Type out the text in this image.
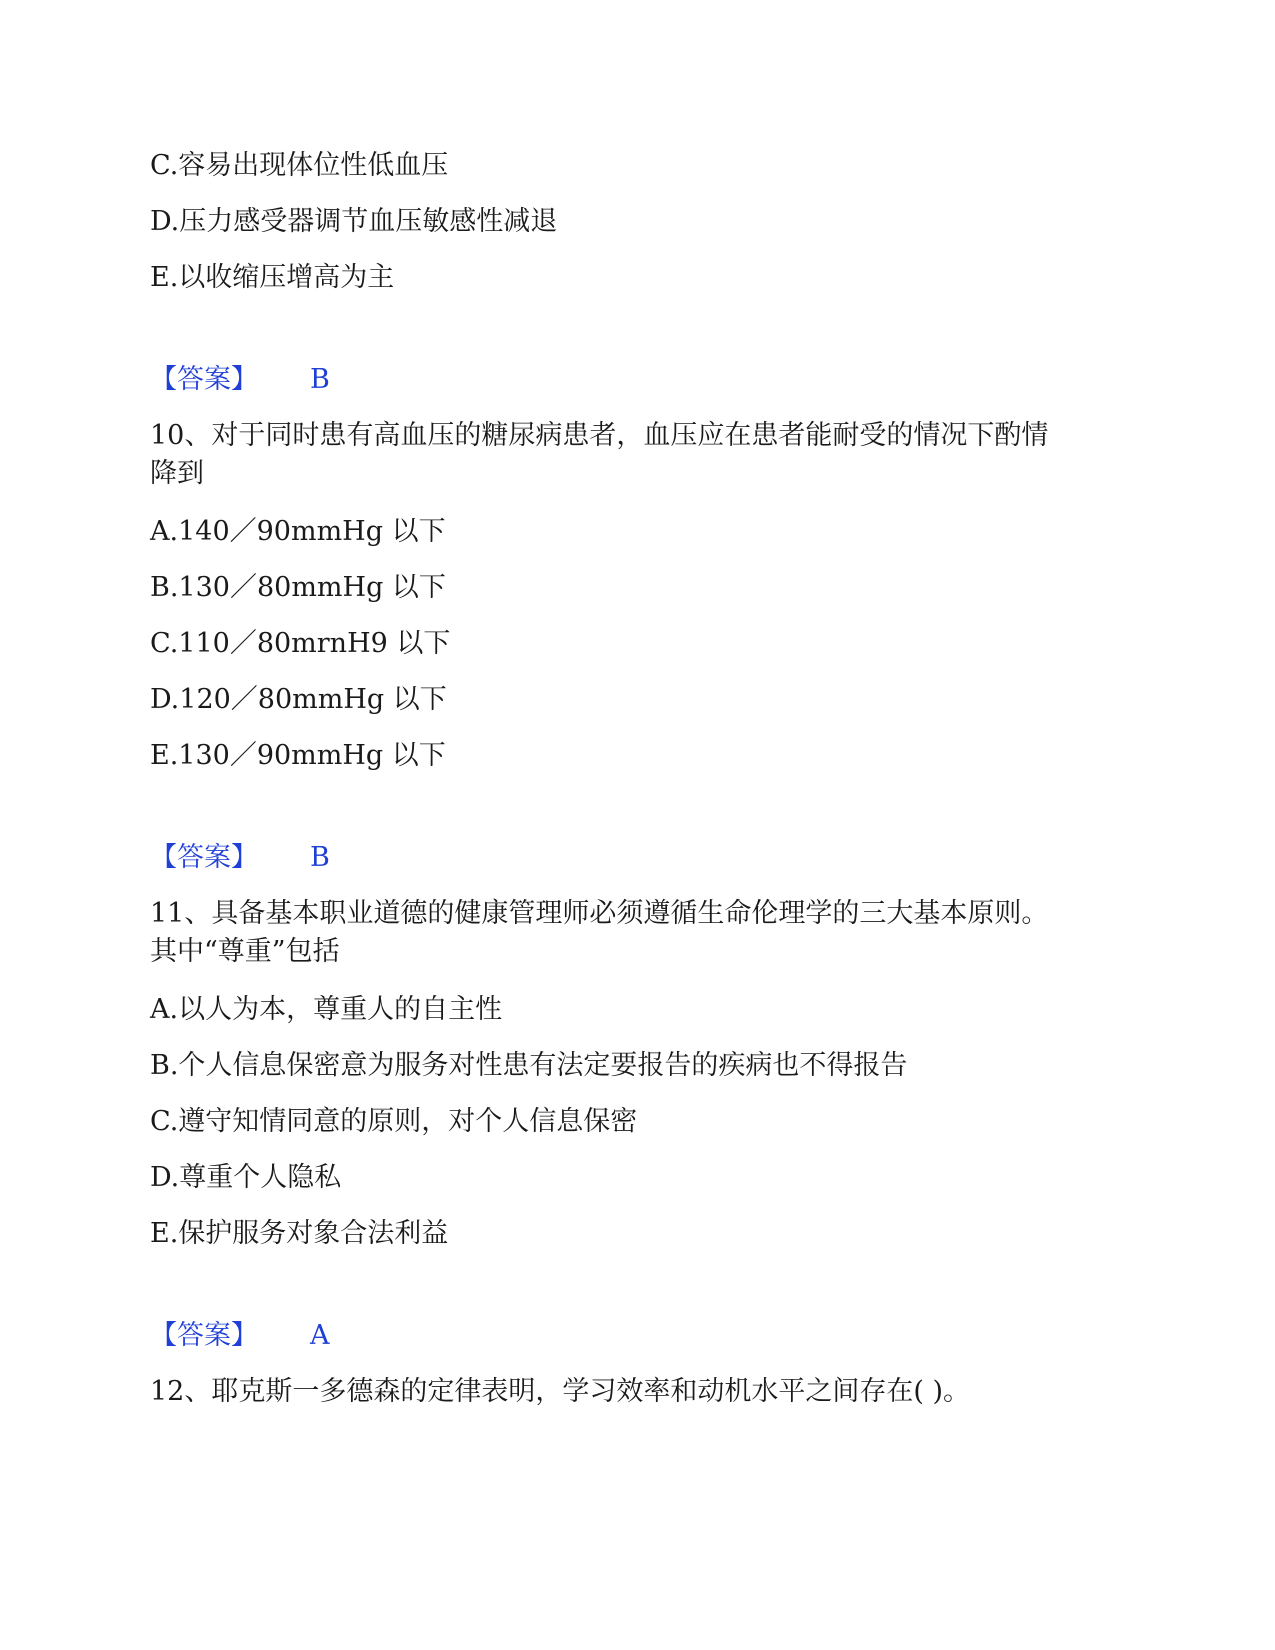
C.容易出现体位性低血压
D.压力感受器调节血压敏感性减退
E.以收缩压增高为主
【答案】 B
10、对于同时患有高血压的糖尿病患者，血压应在患者能耐受的情况下酌情
降到
A.140／90mmHg 以下
B.130／80mmHg 以下
C.110／80mrnH9 以下
D.120／80mmHg 以下
E.130／90mmHg 以下
【答案】 B
11、具备基本职业道德的健康管理师必须遵循生命伦理学的三大基本原则。
其中“尊重”包括
A.以人为本，尊重人的自主性
B.个人信息保密意为服务对性患有法定要报告的疾病也不得报告
C.遵守知情同意的原则，对个人信息保密
D.尊重个人隐私
E.保护服务对象合法利益
【答案】 A
12、耶克斯一多德森的定律表明，学习效率和动机水平之间存在( )。
